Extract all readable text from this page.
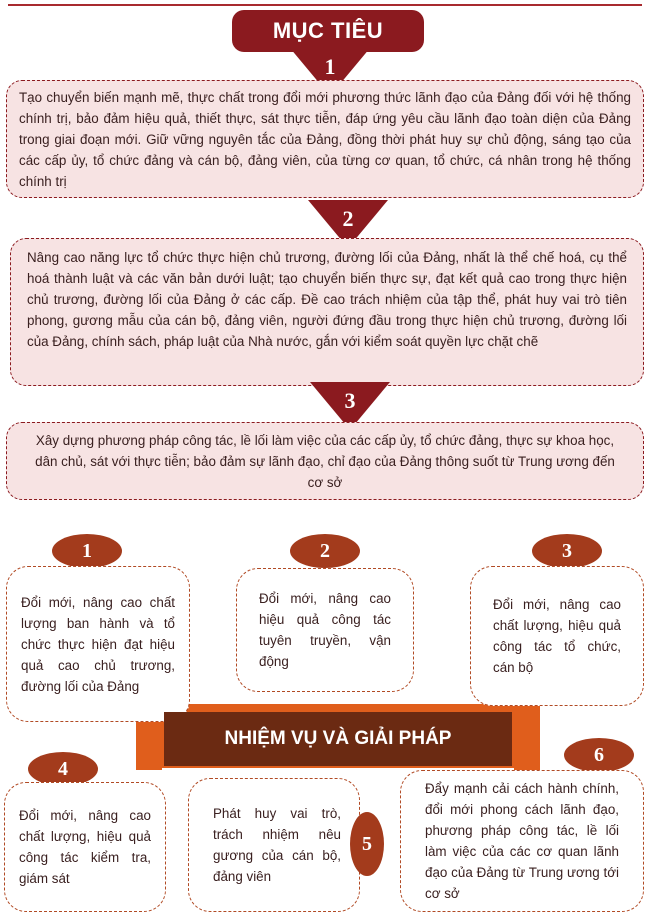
MỤC TIÊU
1
Tạo chuyển biến mạnh mẽ, thực chất trong đổi mới phương thức lãnh đạo của Đảng đối với hệ thống chính trị, bảo đảm hiệu quả, thiết thực, sát thực tiễn, đáp ứng yêu cầu lãnh đạo toàn diện của Đảng trong giai đoạn mới. Giữ vững nguyên tắc của Đảng, đồng thời phát huy sự chủ động, sáng tạo của các cấp ủy, tổ chức đảng và cán bộ, đảng viên, của từng cơ quan, tổ chức, cá nhân trong hệ thống chính trị
2
Nâng cao năng lực tổ chức thực hiện chủ trương, đường lối của Đảng, nhất là thể chế hoá, cụ thể hoá thành luật và các văn bản dưới luật; tạo chuyển biến thực sự, đạt kết quả cao trong thực hiện chủ trương, đường lối của Đảng ở các cấp. Đề cao trách nhiệm của tập thể, phát huy vai trò tiên phong, gương mẫu của cán bộ, đảng viên, người đứng đầu trong thực hiện chủ trương, đường lối của Đảng, chính sách, pháp luật của Nhà nước, gắn với kiểm soát quyền lực chặt chẽ
3
Xây dựng phương pháp công tác, lề lối làm việc của các cấp ủy, tổ chức đảng, thực sự khoa học, dân chủ, sát với thực tiễn; bảo đảm sự lãnh đạo, chỉ đạo của Đảng thông suốt từ Trung ương đến cơ sở
1
Đổi mới, nâng cao chất lượng ban hành và tổ chức thực hiện đạt hiệu quả cao chủ trương, đường lối của Đảng
2
Đổi mới, nâng cao hiệu quả công tác tuyên truyền, vận động
3
Đổi mới, nâng cao chất lượng, hiệu quả công tác tổ chức, cán bộ
NHIỆM VỤ VÀ GIẢI PHÁP
4
Đổi mới, nâng cao chất lượng, hiệu quả công tác kiểm tra, giám sát
Phát huy vai trò, trách nhiệm nêu gương của cán bộ, đảng viên
5
6
Đẩy mạnh cải cách hành chính, đổi mới phong cách lãnh đạo, phương pháp công tác, lề lối làm việc của các cơ quan lãnh đạo của Đảng từ Trung ương tới cơ sở
